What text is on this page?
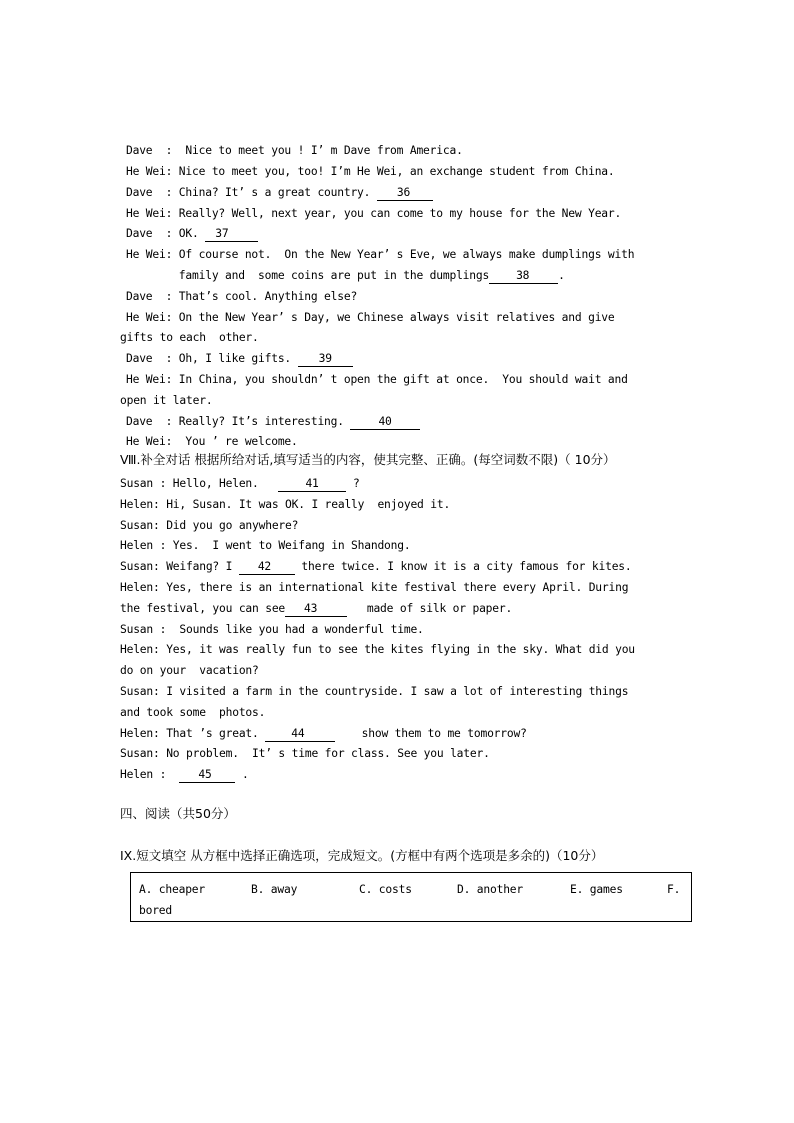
Dave  :  Nice to meet you ! I’ m Dave from America.
He Wei: Nice to meet you, too! I’m He Wei, an exchange student from China.
Dave  : China? It’ s a great country. 36
He Wei: Really? Well, next year, you can come to my house for the New Year.
Dave  : OK. 37
He Wei: Of course not.  On the New Year’ s Eve, we always make dumplings with
family and  some coins are put in the dumplings 38	.
Dave  : That’s cool. Anything else?
He Wei: On the New Year’ s Day, we Chinese always visit relatives and give
gifts to each  other.
Dave  : Oh, I like gifts. 39
He Wei: In China, you shouldn’ t open the gift at once.  You should wait and
open it later.
Dave  : Really? It’s interesting. 40
He Wei:  You ’ re welcome.
Ⅷ.补全对话 根据所给对话,填写适当的内容，使其完整、正确。(每空词数不限)（ 10分）
Susan : Hello, Helen.   41 ?
Helen: Hi, Susan. It was OK. I really  enjoyed it.
Susan: Did you go anywhere?
Helen : Yes.  I went to Weifang in Shandong.
Susan: Weifang? I 42 there twice. I know it is a city famous for kites.
Helen: Yes, there is an international kite festival there every April. During
the festival, you can see 43	made of silk or paper.
Susan :  Sounds like you had a wonderful time.
Helen: Yes, it was really fun to see the kites flying in the sky. What did you
do on your  vacation?
Susan: I visited a farm in the countryside. I saw a lot of interesting things
and took some  photos.
Helen: That ’s great. 44	show them to me tomorrow?
Susan: No problem.  It’ s time for class. See you later.
Helen :  45 .
四、阅读（共50分）
IX.短文填空 从方框中选择正确选项，完成短文。(方框中有两个选项是多余的)（10分）
A. cheaper	B. away	C. costs	D. another	E. games	F.
bored
